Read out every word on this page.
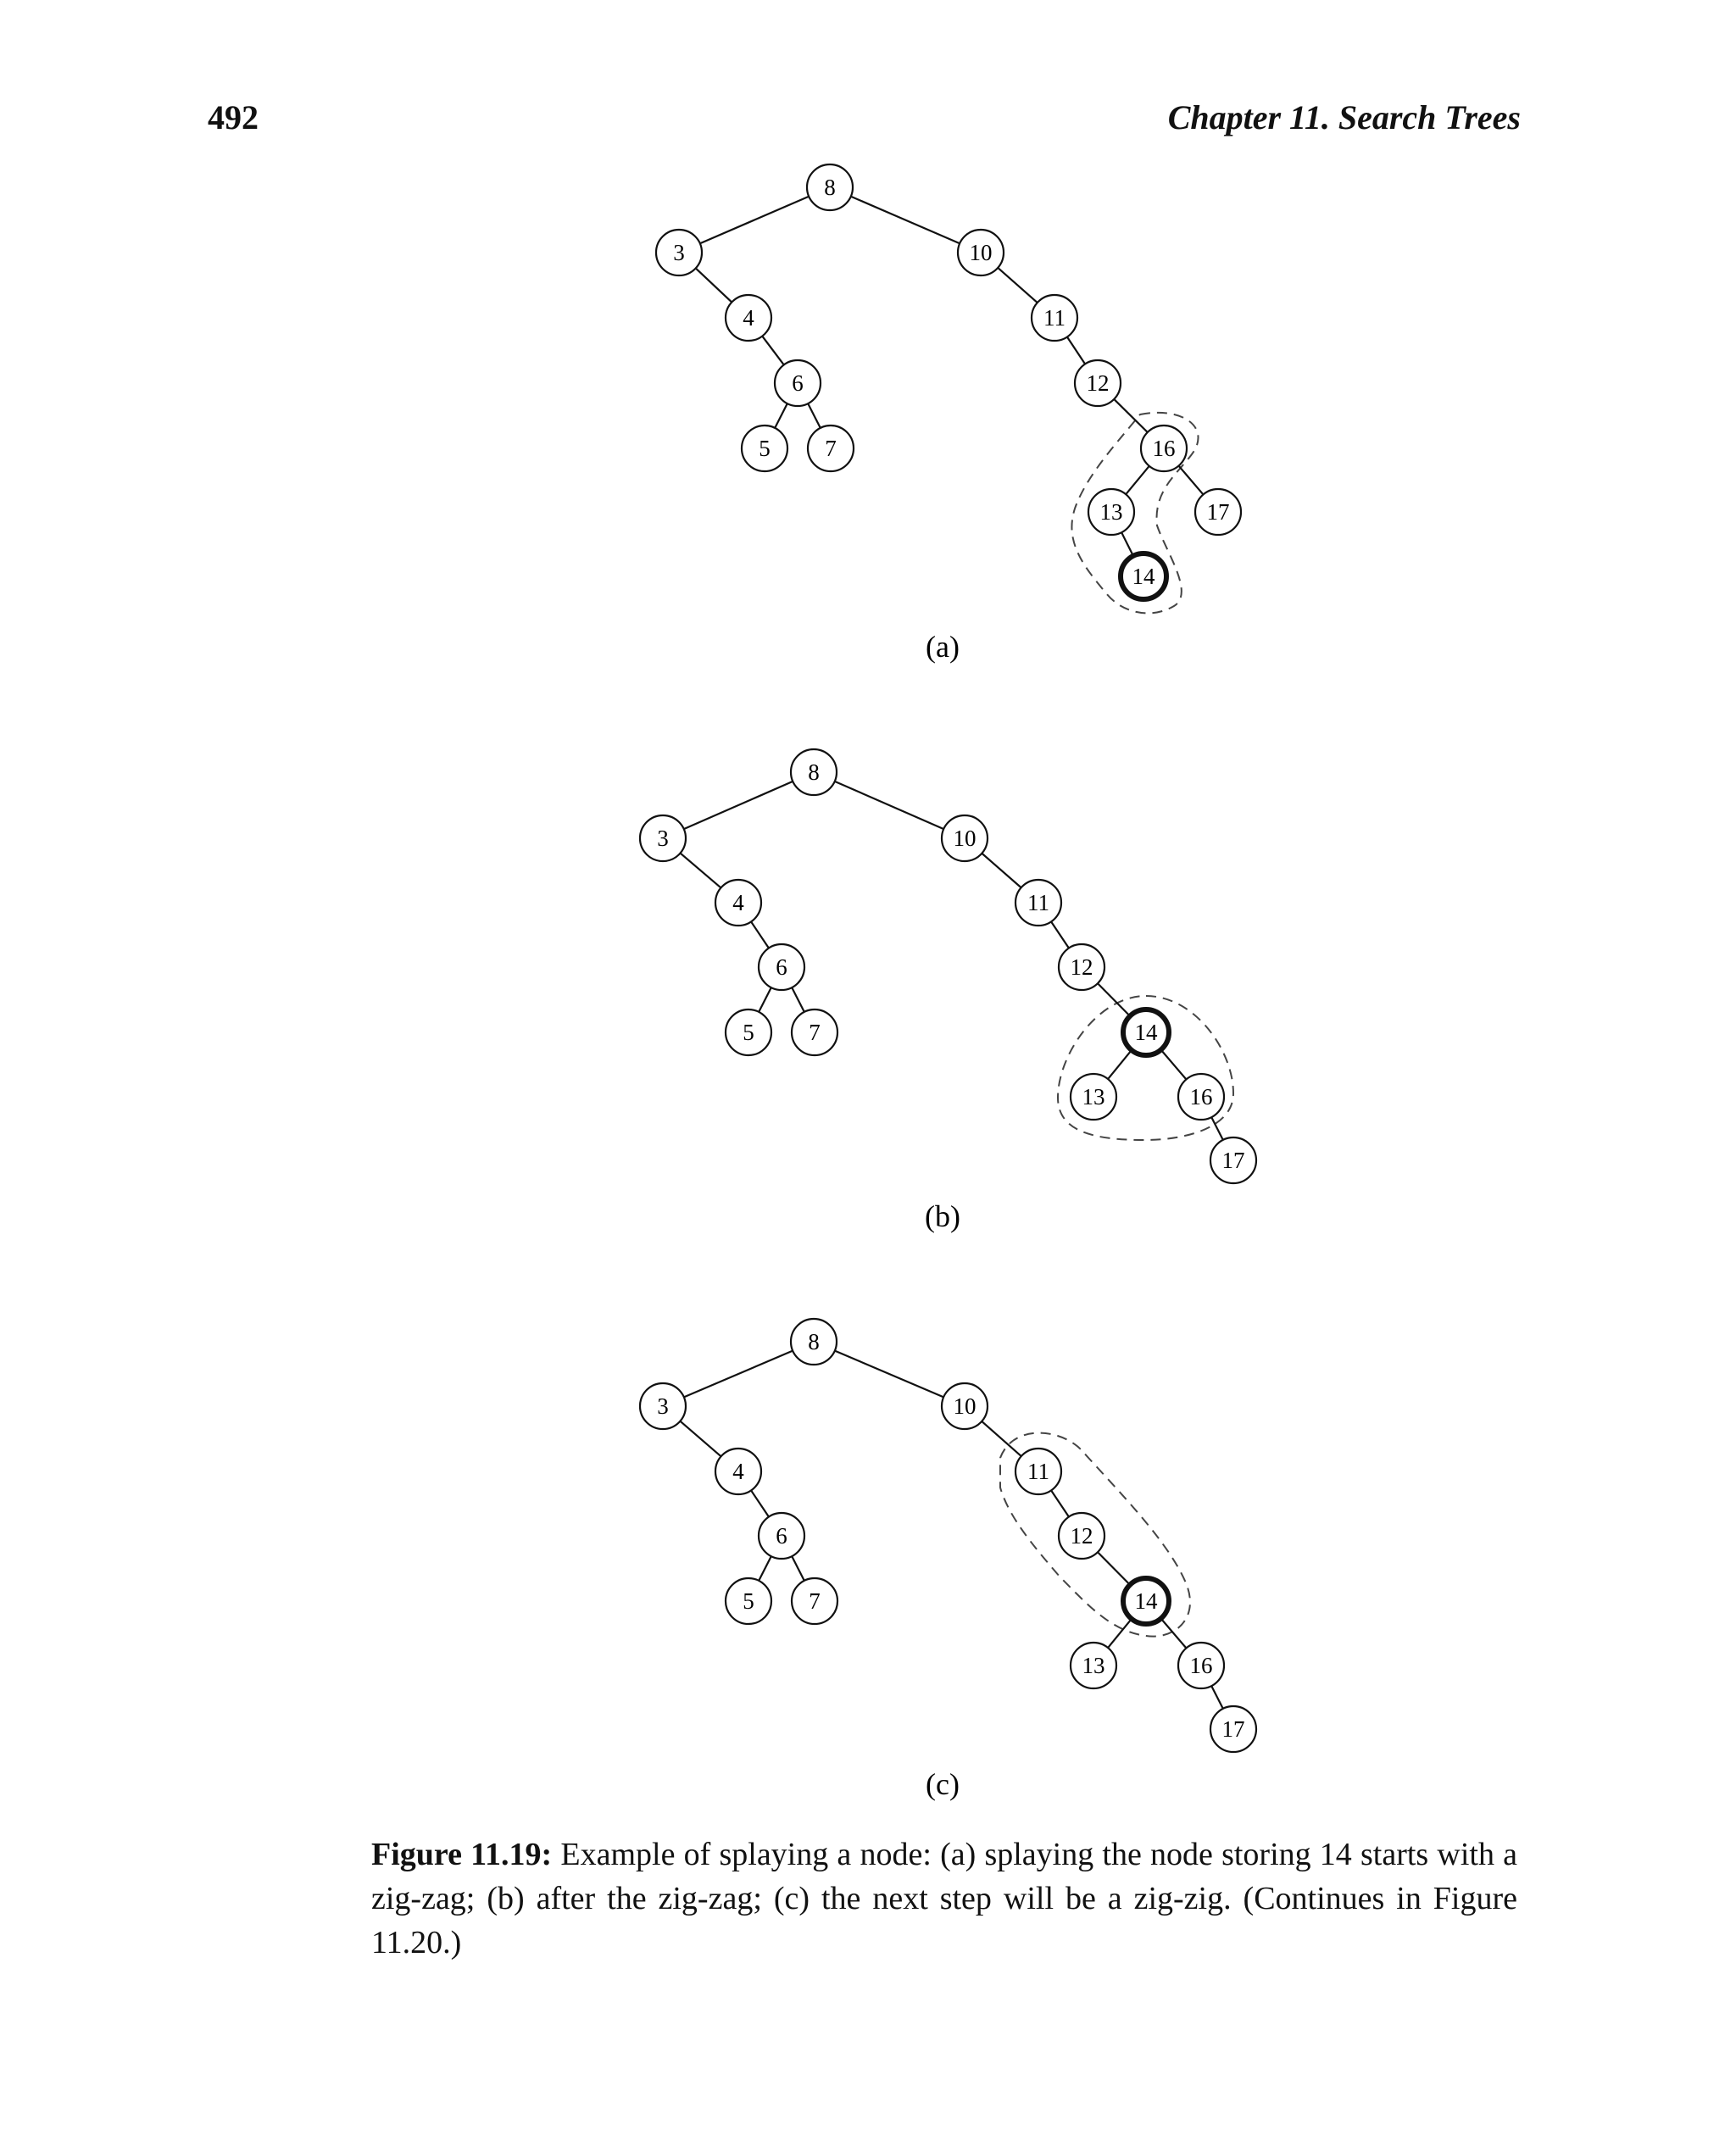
492	Chapter 11. Search Trees
8
3
4
6
5 7
10
11
12
16
13	17
14
(a)
8
3
4
6
5 7
10
11
12
14
13	16
17
(b)
8
3
4
6
5 7
10
11
12
14
13	16
17
(c)
Figure 11.19: Example of splaying a node: (a) splaying the node storing 14 starts with a zig-zag; (b) after the zig-zag; (c) the next step will be a zig-zig. (Continues in Figure 11.20.)
